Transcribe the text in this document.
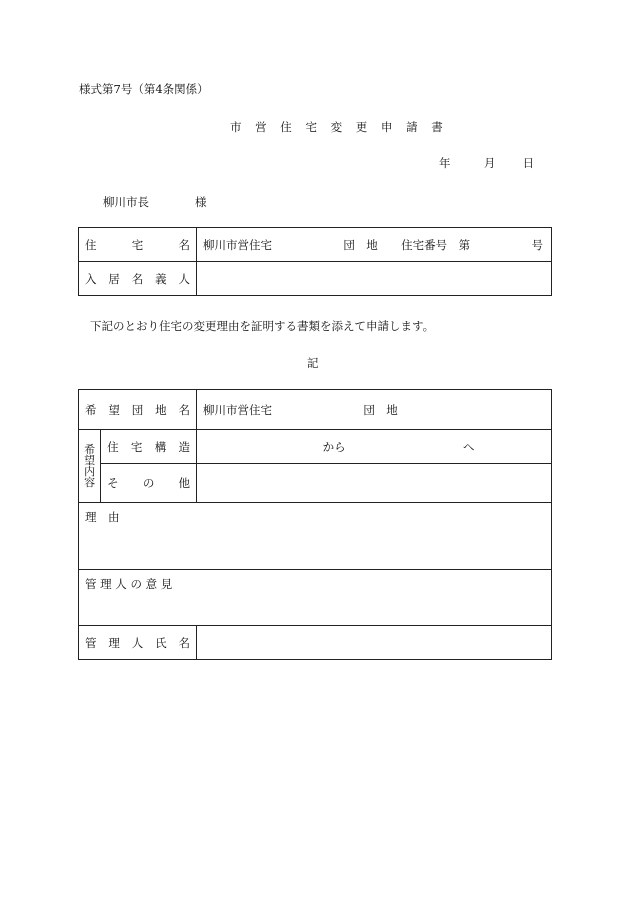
様式第7号（第4条関係）
市 営 住 宅 変 更 申 請 書
年	月 日
柳川市長	様
住 宅 名	柳川市営住宅 団　地 住宅番号　第 号

入 居 名 義 人	

下記のとおり住宅の変更理由を証明する書類を添えて申請します。
記
希 望 団 地 名		柳川市営住宅 団　地

希望内容	住 宅 構 造	から へ

	そ の 他	

理　由		
管 理 人 の 意 見		

管 理 人 氏 名		
